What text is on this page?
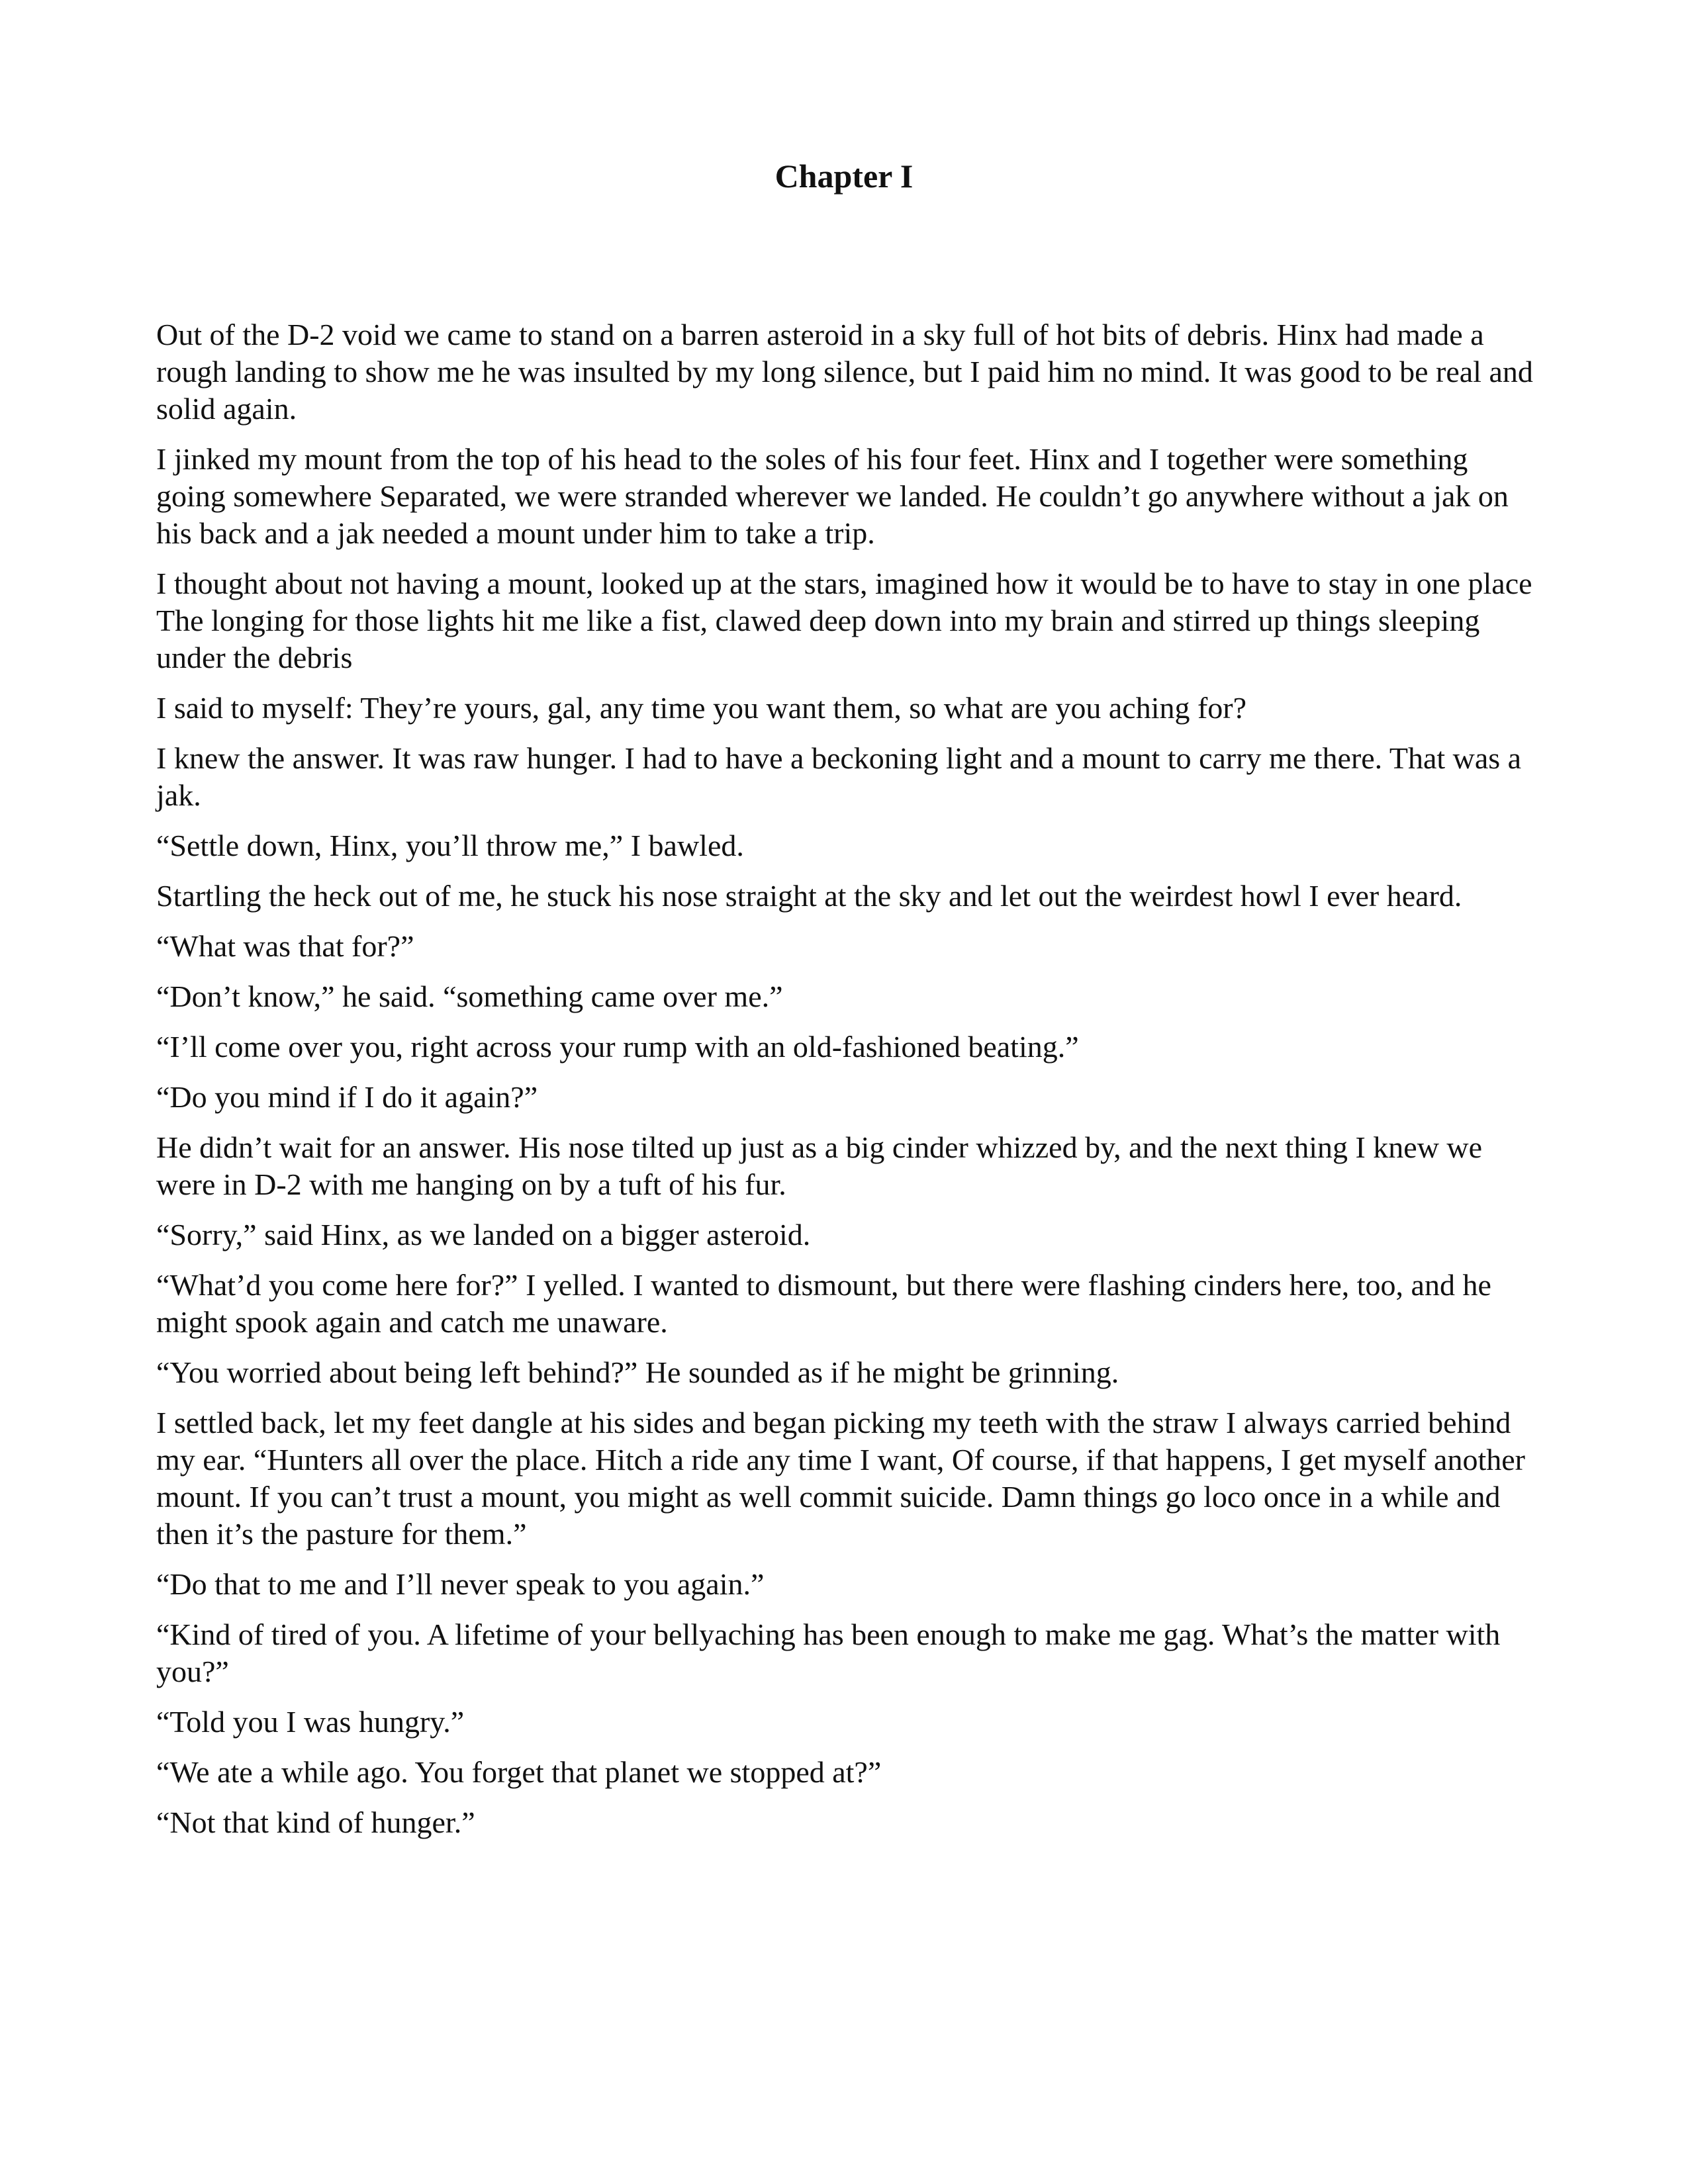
Chapter I

Out of the D-2 void we came to stand on a barren asteroid in a sky full of hot bits of debris. Hinx had made a rough landing to show me he was insulted by my long silence, but I paid him no mind. It was good to be real and solid again.

I jinked my mount from the top of his head to the soles of his four feet. Hinx and I together were something going somewhere Separated, we were stranded wherever we landed. He couldn’t go anywhere without a jak on his back and a jak needed a mount under him to take a trip.

I thought about not having a mount, looked up at the stars, imagined how it would be to have to stay in one place The longing for those lights hit me like a fist, clawed deep down into my brain and stirred up things sleeping under the debris

I said to myself: They’re yours, gal, any time you want them, so what are you aching for?

I knew the answer. It was raw hunger. I had to have a beckoning light and a mount to carry me there. That was a jak.

“Settle down, Hinx, you’ll throw me,” I bawled.

Startling the heck out of me, he stuck his nose straight at the sky and let out the weirdest howl I ever heard.

“What was that for?”

“Don’t know,” he said. “something came over me.”

“I’ll come over you, right across your rump with an old-fashioned beating.”

“Do you mind if I do it again?”

He didn’t wait for an answer. His nose tilted up just as a big cinder whizzed by, and the next thing I knew we were in D-2 with me hanging on by a tuft of his fur.

“Sorry,” said Hinx, as we landed on a bigger asteroid.

“What’d you come here for?” I yelled. I wanted to dismount, but there were flashing cinders here, too, and he might spook again and catch me unaware.

“You worried about being left behind?” He sounded as if he might be grinning.

I settled back, let my feet dangle at his sides and began picking my teeth with the straw I always carried behind my ear. “Hunters all over the place. Hitch a ride any time I want, Of course, if that happens, I get myself another mount. If you can’t trust a mount, you might as well commit suicide. Damn things go loco once in a while and then it’s the pasture for them.”

“Do that to me and I’ll never speak to you again.”

“Kind of tired of you. A lifetime of your bellyaching has been enough to make me gag. What’s the matter with you?”

“Told you I was hungry.”

“We ate a while ago. You forget that planet we stopped at?”

“Not that kind of hunger.”
